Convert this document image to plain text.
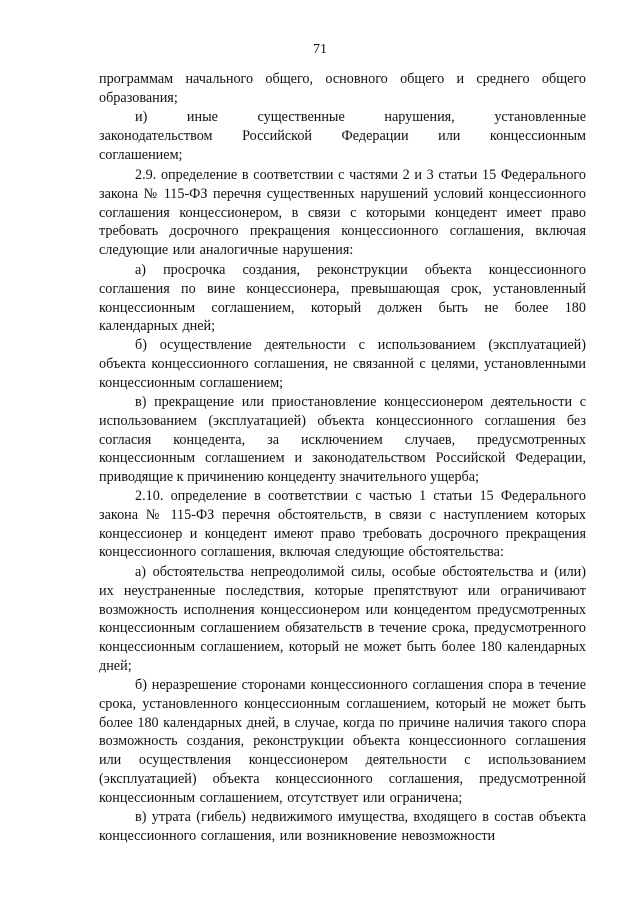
71
программам начального общего, основного общего и среднего общего образования;
и) иные существенные нарушения, установленные законодательством Российской Федерации или концессионным соглашением;
2.9. определение в соответствии с частями 2 и 3 статьи 15 Федерального закона № 115-ФЗ перечня существенных нарушений условий концессионного соглашения концессионером, в связи с которыми концедент имеет право требовать досрочного прекращения концессионного соглашения, включая следующие или аналогичные нарушения:
а) просрочка создания, реконструкции объекта концессионного соглашения по вине концессионера, превышающая срок, установленный концессионным соглашением, который должен быть не более 180 календарных дней;
б) осуществление деятельности с использованием (эксплуатацией) объекта концессионного соглашения, не связанной с целями, установленными концессионным соглашением;
в) прекращение или приостановление концессионером деятельности с использованием (эксплуатацией) объекта концессионного соглашения без согласия концедента, за исключением случаев, предусмотренных концессионным соглашением и законодательством Российской Федерации, приводящие к причинению концеденту значительного ущерба;
2.10. определение в соответствии с частью 1 статьи 15 Федерального закона № 115-ФЗ перечня обстоятельств, в связи с наступлением которых концессионер и концедент имеют право требовать досрочного прекращения концессионного соглашения, включая следующие обстоятельства:
а) обстоятельства непреодолимой силы, особые обстоятельства и (или) их неустраненные последствия, которые препятствуют или ограничивают возможность исполнения концессионером или концедентом предусмотренных концессионным соглашением обязательств в течение срока, предусмотренного концессионным соглашением, который не может быть более 180 календарных дней;
б) неразрешение сторонами концессионного соглашения спора в течение срока, установленного концессионным соглашением, который не может быть более 180 календарных дней, в случае, когда по причине наличия такого спора возможность создания, реконструкции объекта концессионного соглашения или осуществления концессионером деятельности с использованием (эксплуатацией) объекта концессионного соглашения, предусмотренной концессионным соглашением, отсутствует или ограничена;
в) утрата (гибель) недвижимого имущества, входящего в состав объекта концессионного соглашения, или возникновение невозможности
